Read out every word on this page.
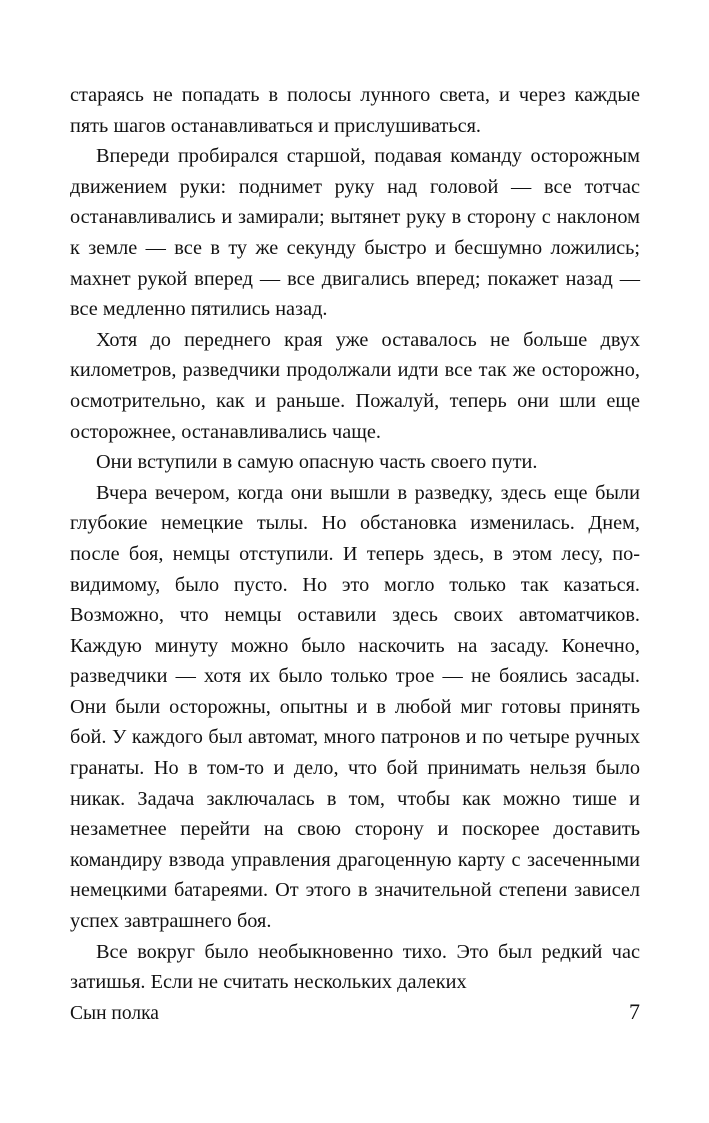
стараясь не попадать в полосы лунного света, и через каждые пять шагов останавливаться и прислушиваться.

Впереди пробирался старшой, подавая команду осторожным движением руки: поднимет руку над головой — все тотчас останавливались и замирали; вытянет руку в сторону с наклоном к земле — все в ту же секунду быстро и бесшумно ложились; махнет рукой вперед — все двигались вперед; покажет назад — все медленно пятились назад.

Хотя до переднего края уже оставалось не больше двух километров, разведчики продолжали идти все так же осторожно, осмотрительно, как и раньше. Пожалуй, теперь они шли еще осторожнее, останавливались чаще.

Они вступили в самую опасную часть своего пути.

Вчера вечером, когда они вышли в разведку, здесь еще были глубокие немецкие тылы. Но обстановка изменилась. Днем, после боя, немцы отступили. И теперь здесь, в этом лесу, по-видимому, было пусто. Но это могло только так казаться. Возможно, что немцы оставили здесь своих автоматчиков. Каждую минуту можно было наскочить на засаду. Конечно, разведчики — хотя их было только трое — не боялись засады. Они были осторожны, опытны и в любой миг готовы принять бой. У каждого был автомат, много патронов и по четыре ручных гранаты. Но в том-то и дело, что бой принимать нельзя было никак. Задача заключалась в том, чтобы как можно тише и незаметнее перейти на свою сторону и поскорее доставить командиру взвода управления драгоценную карту с засеченными немецкими батареями. От этого в значительной степени зависел успех завтрашнего боя.

Все вокруг было необыкновенно тихо. Это был редкий час затишья. Если не считать нескольких далеких

Сын полка	7
